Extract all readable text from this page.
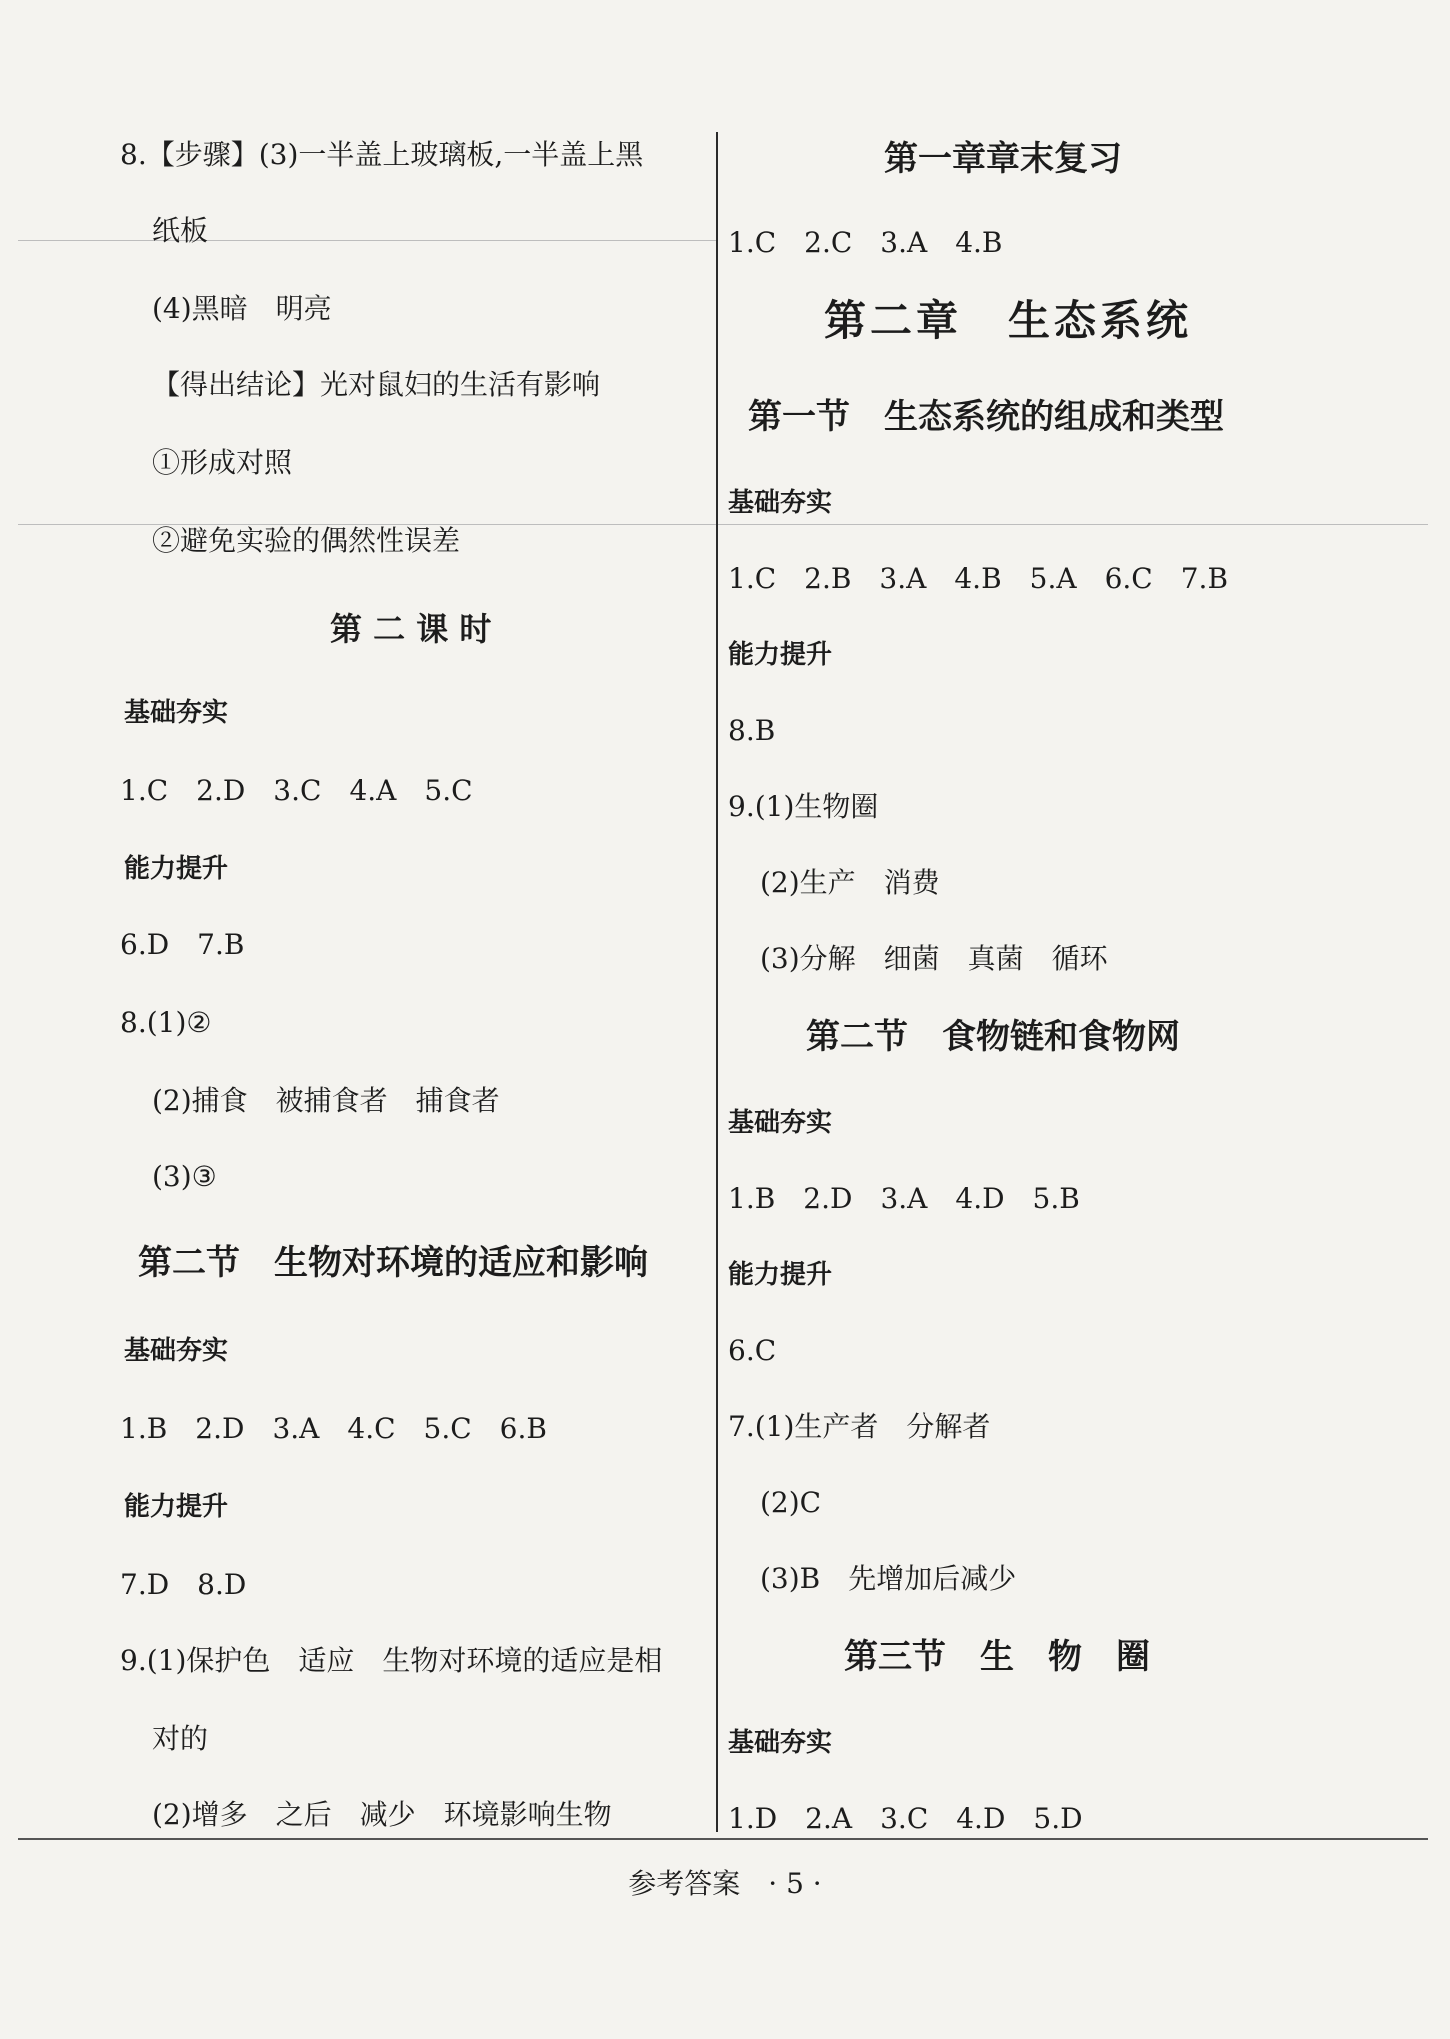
8.【步骤】(3)一半盖上玻璃板,一半盖上黑
纸板
(4)黑暗　明亮
【得出结论】光对鼠妇的生活有影响
①形成对照
②避免实验的偶然性误差
第 二 课 时
基础夯实
1.C　2.D　3.C　4.A　5.C
能力提升
6.D　7.B
8.(1)②
(2)捕食　被捕食者　捕食者
(3)③
第二节　生物对环境的适应和影响
基础夯实
1.B　2.D　3.A　4.C　5.C　6.B
能力提升
7.D　8.D
9.(1)保护色　适应　生物对环境的适应是相
对的
(2)增多　之后　减少　环境影响生物
第一章章末复习
1.C　2.C　3.A　4.B
第二章　生态系统
第一节　生态系统的组成和类型
基础夯实
1.C　2.B　3.A　4.B　5.A　6.C　7.B
能力提升
8.B
9.(1)生物圈
(2)生产　消费
(3)分解　细菌　真菌　循环
第二节　食物链和食物网
基础夯实
1.B　2.D　3.A　4.D　5.B
能力提升
6.C
7.(1)生产者　分解者
(2)C
(3)B　先增加后减少
第三节　生　物　圈
基础夯实
1.D　2.A　3.C　4.D　5.D
参考答案　· 5 ·
